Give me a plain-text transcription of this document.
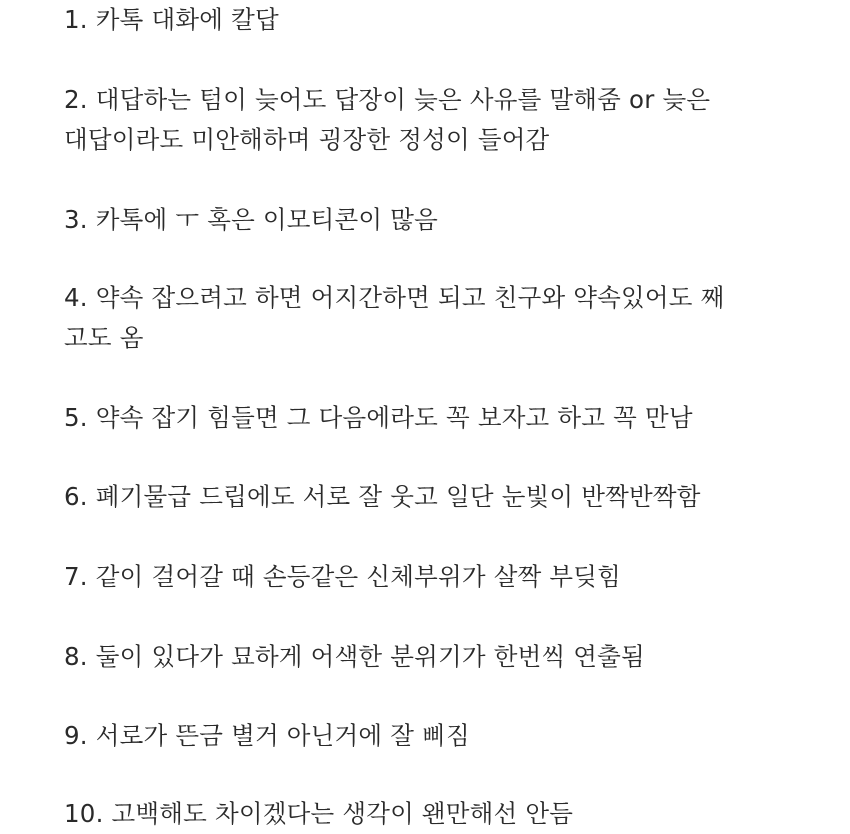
1. 카톡 대화에 칼답
2. 대답하는 텀이 늦어도 답장이 늦은 사유를 말해줌 or 늦은
대답이라도 미안해하며 굉장한 정성이 들어감
3. 카톡에 ㅜ 혹은 이모티콘이 많음
4. 약속 잡으려고 하면 어지간하면 되고 친구와 약속있어도 째
고도 옴
5. 약속 잡기 힘들면 그 다음에라도 꼭 보자고 하고 꼭 만남
6. 폐기물급 드립에도 서로 잘 웃고 일단 눈빛이 반짝반짝함
7. 같이 걸어갈 때 손등같은 신체부위가 살짝 부딪힘
8. 둘이 있다가 묘하게 어색한 분위기가 한번씩 연출됨
9. 서로가 뜬금 별거 아닌거에 잘 삐짐
10. 고백해도 차이겠다는 생각이 왠만해선 안듬
